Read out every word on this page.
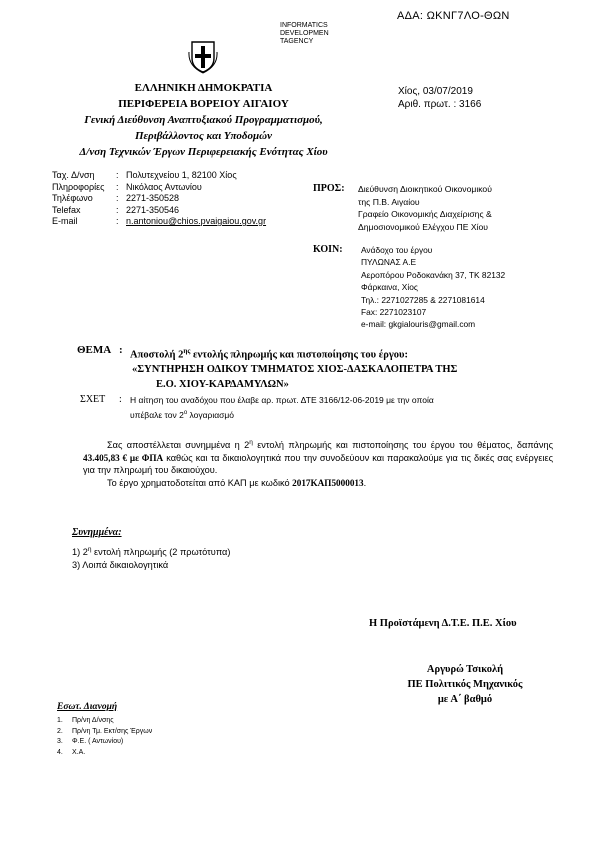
ΑΔΑ: ΩΚΝΓ7ΛΟ-ΘΩΝ
INFORMATICS
DEVELOPMEN
TAGENCY
ΕΛΛΗΝΙΚΗ ΔΗΜΟΚΡΑΤΙΑ
ΠΕΡΙΦΕΡΕΙΑ ΒΟΡΕΙΟΥ ΑΙΓΑΙΟΥ
Γενική Διεύθυνση Αναπτυξιακού Προγραμματισμού,
Περιβάλλοντος και Υποδομών
Δ/νση Τεχνικών Έργων Περιφερειακής Ενότητας Χίου
Χίος, 03/07/2019
Αριθ. πρωτ. : 3166
Ταχ. Δ/νση : Πολυτεχνείου 1, 82100 Χίος
Πληροφορίες : Νικόλαος Αντωνίου
Τηλέφωνο	: 2271-350528
Telefax	: 2271-350546
E-mail	: n.antoniou@chios.pvaigaiou.gov.gr
ΠΡΟΣ: Διεύθυνση Διοικητικού Οικονομικού
της Π.Β. Αιγαίου
Γραφείο Οικονομικής Διαχείρισης &
Δημοσιονομικού Ελέγχου ΠΕ Χίου
ΚΟΙΝ: Ανάδοχο του έργου
ΠΥΛΩΝΑΣ Α.Ε
Αεροπόρου Ροδοκανάκη 37, ΤΚ 82132
Φάρκαινα, Χίος
Τηλ.: 2271027285 & 2271081614
Fax: 2271023107
e-mail: gkgialouris@gmail.com
ΘΕΜΑ : Αποστολή $2^{\eta\varsigma}$ εντολής πληρωμής και πιστοποίησης του έργου:
«ΣΥΝΤΗΡΗΣΗ ΟΔΙΚΟΥ ΤΜΗΜΑΤΟΣ ΧΙΟΣ-ΔΑΣΚΑΛΟΠΕΤΡΑ ΤΗΣ
Ε.Ο. ΧΙΟΥ-ΚΑΡΔΑΜΥΛΩΝ»
ΣΧΕΤ : Η αίτηση του αναδόχου που έλαβε αρ. πρωτ. ΔΤΕ 3166/12-06-2019 με την οποία
υπέβαλε τον $2^o$ λογαριασμό

Σας αποστέλλεται συνημμένα η $2^\eta$ εντολή πληρωμής και πιστοποίησης του έργου του θέματος, δαπάνης 43.405,83 € με ΦΠΑ καθώς και τα δικαιολογητικά που την συνοδεύουν και παρακαλούμε για τις δικές σας ενέργειες για την πληρωμή του δικαιούχου.

Το έργο χρηματοδοτείται από ΚΑΠ με κωδικό 2017ΚΑΠ5000013.

Συνημμένα:
1) $2^\eta$ εντολή πληρωμής (2 πρωτότυπα)
3) Λοιπά δικαιολογητικά
Η Προϊστάμενη Δ.Τ.Ε. Π.Ε. Χίου
Αργυρώ Τσικολή
ΠΕ Πολιτικός Μηχανικός
με Α΄ βαθμό
Εσωτ. Διανομή
1. Πρ/νη Δ/νσης
2. Πρ/νη Τμ. Εκτ/σης Έργων
3. Φ.Ε. ( Αντωνίου)
4. Χ.Α.
